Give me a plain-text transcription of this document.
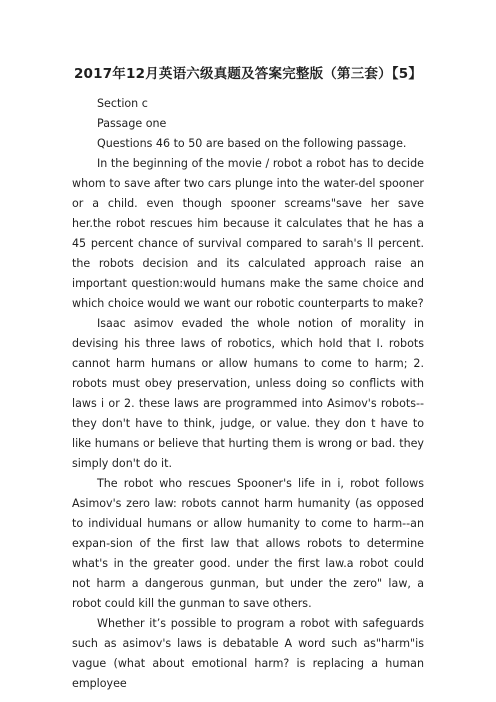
2017年12月英语六级真题及答案完整版（第三套）【5】

Section c

Passage one

Questions 46 to 50 are based on the following passage.

In the beginning of the movie / robot a robot has to decide whom to save after two cars plunge into the water-del spooner or a child. even though spooner screams"save her save her.the robot rescues him because it calculates that he has a 45 percent chance of survival compared to sarah's ll percent. the robots decision and its calculated approach raise an important question:would humans make the same choice and which choice would we want our robotic counterparts to make?

Isaac asimov evaded the whole notion of morality in devising his three laws of robotics, which hoId that I. robots cannot harm humans or allow humans to come to harm; 2. robots must obey preservation, unless doing so conflicts with laws i or 2. these laws are programmed into Asimov's robots--they don't have to think, judge, or value. they don t have to like humans or believe that hurting them is wrong or bad. they simply don't do it.

The robot who rescues Spooner's life in i, robot follows Asimov's zero law: robots cannot harm humanity (as opposed to individual humans or allow humanity to come to harm--an expan-sion of the first law that allows robots to determine what's in the greater good. under the first law.a robot could not harm a dangerous gunman, but under the zero" law, a robot could kill the gunman to save others.

Whether it’s possible to program a robot with safeguards such as asimov's laws is debatable A word such as"harm"is vague (what about emotional harm? is replacing a human employee
